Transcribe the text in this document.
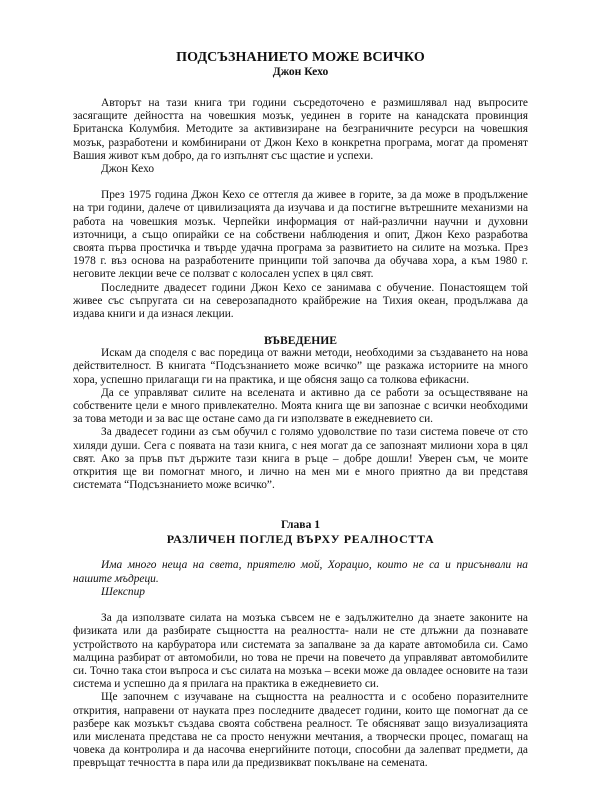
ПОДСЪЗНАНИЕТО МОЖЕ ВСИЧКО
Джон Кехо

Авторът на тази книга три години съсредоточено е размишлявал над въпросите засягащите дейността на човешкия мозък, уединен в горите на канадската провинция Британска Колумбия. Методите за активизиране на безграничните ресурси на човешкия мозък, разработени и комбинирани от Джон Кехо в конкретна програма, могат да променят Вашия живот към добро, да го изпълнят със щастие и успехи.

Джон Кехо

През 1975 година Джон Кехо се оттегля да живее в горите, за да може в продължение на три години, далече от цивилизацията да изучава и да постигне вътрешните механизми на работа на човешкия мозък. Черпейки информация от най-различни научни и духовни източници, а също опирайки се на собствени наблюдения и опит, Джон Кехо разработва своята първа простичка и твърде удачна програма за развитието на силите на мозъка. През 1978 г. въз основа на разработените принципи той започва да обучава хора, а към 1980 г. неговите лекции вече се ползват с колосален успех в цял свят.

Последните двадесет години Джон Кехо се занимава с обучение. Понастоящем той живее със съпругата си на северозападното крайбрежие на Тихия океан, продължава да издава книги и да изнася лекции.

ВЪВЕДЕНИЕ

Искам да споделя с вас поредица от важни методи, необходими за създаването на нова действителност. В книгата “Подсъзнанието може всичко” ще разкажа историите на много хора, успешно прилагащи ги на практика, и ще обясня защо са толкова ефикасни.

Да се управляват силите на вселената и активно да се работи за осъществяване на собствените цели е много привлекателно. Моята книга ще ви запознае с всички необходими за това методи и за вас ще остане само да ги използвате в ежедневието си.

За двадесет години аз съм обучил с голямо удоволствие по тази система повече от сто хиляди души. Сега с появата на тази книга, с нея могат да се запознаят милиони хора в цял свят. Ако за пръв път държите тази книга в ръце – добре дошли! Уверен съм, че моите открития ще ви помогнат много, и лично на мен ми е много приятно да ви представя системата “Подсъзнанието може всичко”.

Глава 1
РАЗЛИЧЕН ПОГЛЕД ВЪРХУ РЕАЛНОСТТА

Има много неща на света, приятелю мой, Хорацио, които не са и присънвали на нашите мъдреци.

Шекспир

За да използвате силата на мозъка съвсем не е задължително да знаете законите на физиката или да разбирате същността на реалността- нали не сте длъжни да познавате устройството на карбуратора или системата за запалване за да карате автомобила си. Само малцина разбират от автомобили, но това не пречи на повечето да управляват автомобилите си. Точно така стои въпроса и със силата на мозъка – всеки може да овладее основите на тази система и успешно да я прилага на практика в ежедневието си.

Ще започнем с изучаване на същността на реалността и с особено поразителните открития, направени от науката през последните двадесет години, които ще помогнат да се разбере как мозъкът създава своята собствена реалност. Те обясняват защо визуализацията или мислената представа не са просто ненужни мечтания, а творчески процес, помагащ на човека да контролира и да насочва енергийните потоци, способни да залепват предмети, да превръщат течността в пара или да предизвикват покълване на семената.
